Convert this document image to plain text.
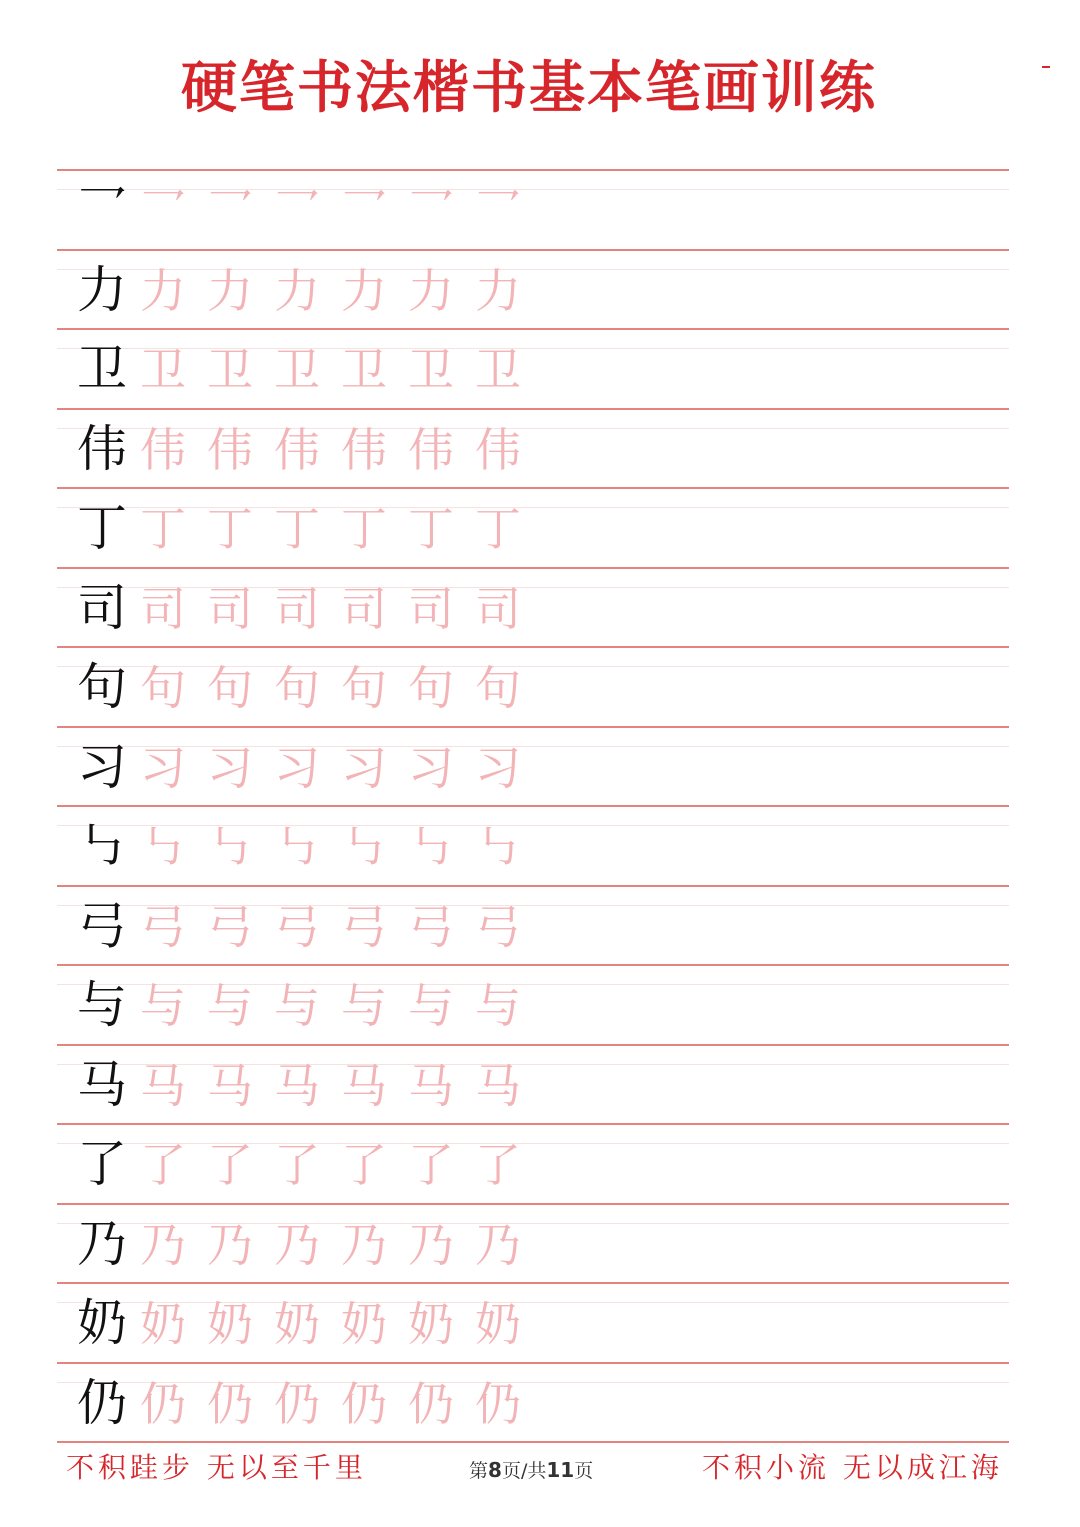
硬笔书法楷书基本笔画训练
乛 乛 乛 乛 乛 乛 乛
力 力 力 力 力 力 力
卫 卫 卫 卫 卫 卫 卫
伟 伟 伟 伟 伟 伟 伟
丁 丁 丁 丁 丁 丁 丁
司 司 司 司 司 司 司
句 句 句 句 句 句 句
习 习 习 习 习 习 习
㇉ ㇉ ㇉ ㇉ ㇉ ㇉ ㇉
弓 弓 弓 弓 弓 弓 弓
与 与 与 与 与 与 与
马 马 马 马 马 马 马
了 了 了 了 了 了 了
乃 乃 乃 乃 乃 乃 乃
奶 奶 奶 奶 奶 奶 奶
仍 仍 仍 仍 仍 仍 仍
不积跬步 无以至千里	第8页/共11页	不积小流 无以成江海
